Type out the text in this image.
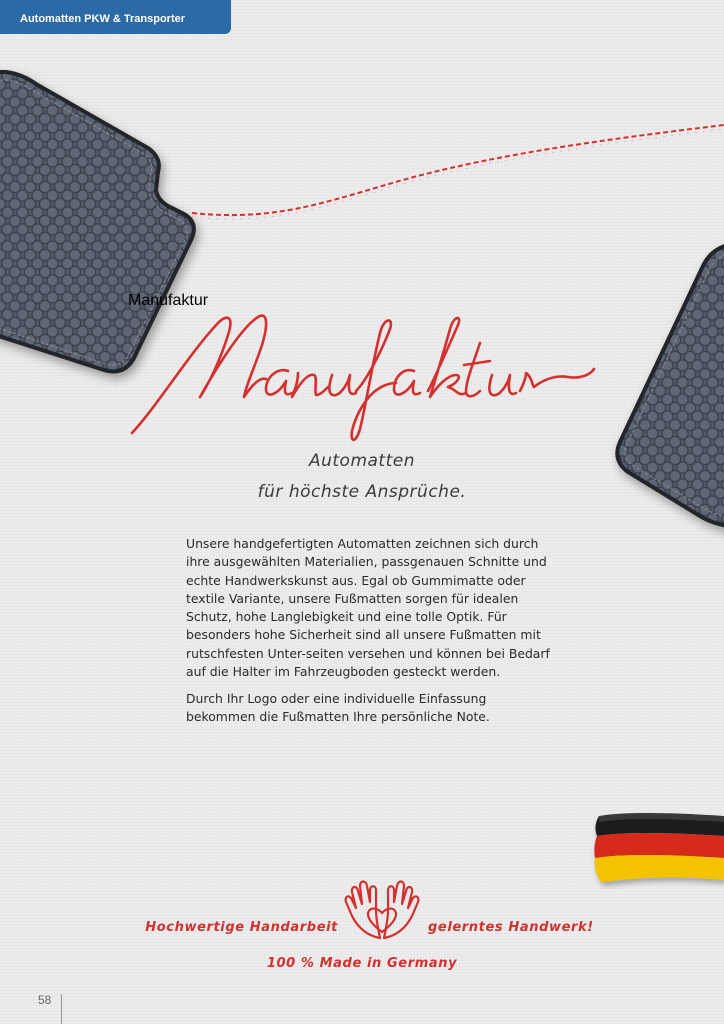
Automatten PKW & Transporter
Manufaktur
Automatten
für höchste Ansprüche.

Unsere handgefertigten Automatten zeichnen sich durch ihre ausgewählten Materialien, passgenauen Schnitte und echte Handwerkskunst aus. Egal ob Gummimatte oder textile Variante, unsere Fußmatten sorgen für idealen Schutz, hohe Langlebigkeit und eine tolle Optik. Für besonders hohe Sicherheit sind all unsere Fußmatten mit rutschfesten Unter-seiten versehen und können bei Bedarf auf die Halter im Fahrzeugboden gesteckt werden.

Durch Ihr Logo oder eine individuelle Einfassung bekommen die Fußmatten Ihre persönliche Note.

Hochwertige Handarbeit	gelerntes Handwerk!
100 % Made in Germany
58
